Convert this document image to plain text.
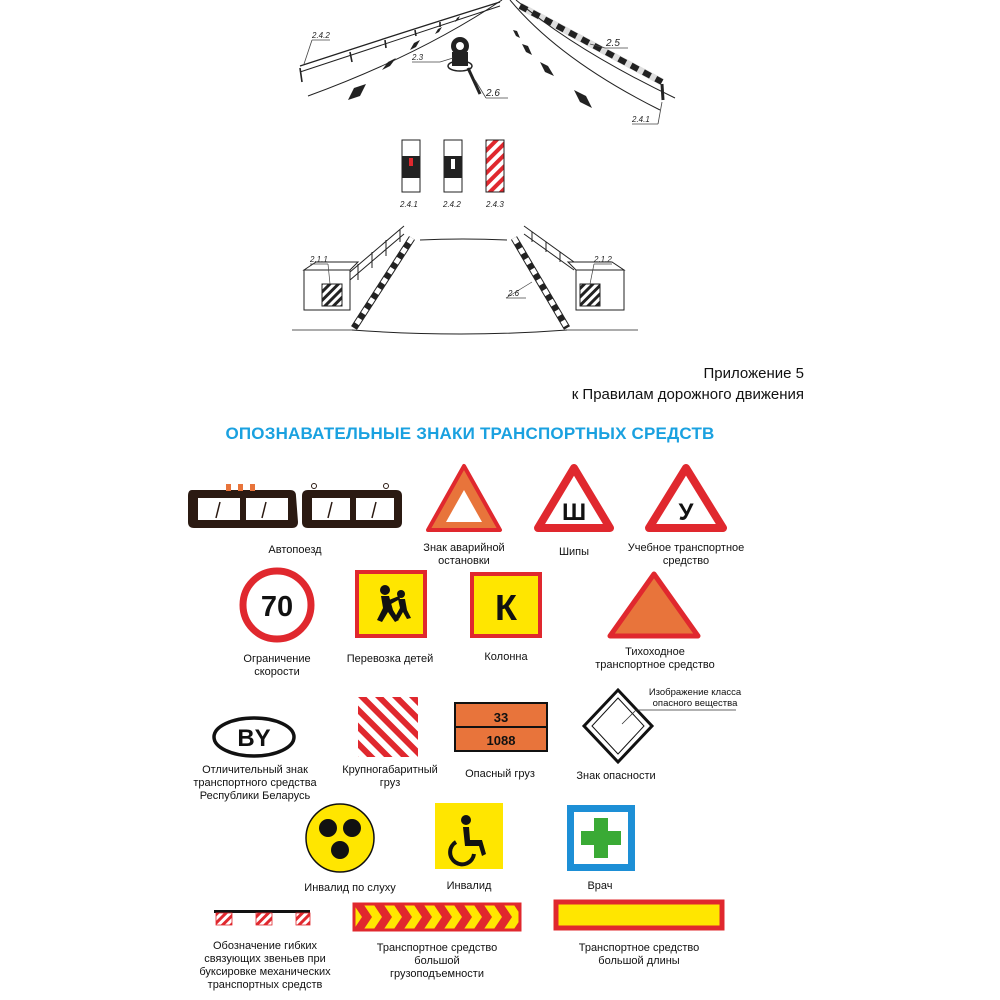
2.4.2
2.3
2.6
2.5
2.4.1
2.4.1	2.4.2	2.4.3
2.1.1	2.1.2
2.6
Приложение 5
к Правилам дорожного движения
ОПОЗНАВАТЕЛЬНЫЕ ЗНАКИ ТРАНСПОРТНЫХ СРЕДСТВ
Автопоезд	Знак аварийной
остановки
Ш
Шипы
У
Учебное транспортное
средство
70
Ограничение
скорости
Перевозка детей
К
Колонна	Тихоходное
транспортное средство
BY
Отличительный знак
транспортного средства
Республики Беларусь
Крупногабаритный
груз
33
1088
Опасный груз
Изображение класса
опасного вещества
Знак опасности
Инвалид по слуху	Инвалид	Врач
Обозначение гибких
связующих звеньев при
буксировке механических
транспортных средств
Транспортное средство
большой
грузоподъемности
Транспортное средство
большой длины
